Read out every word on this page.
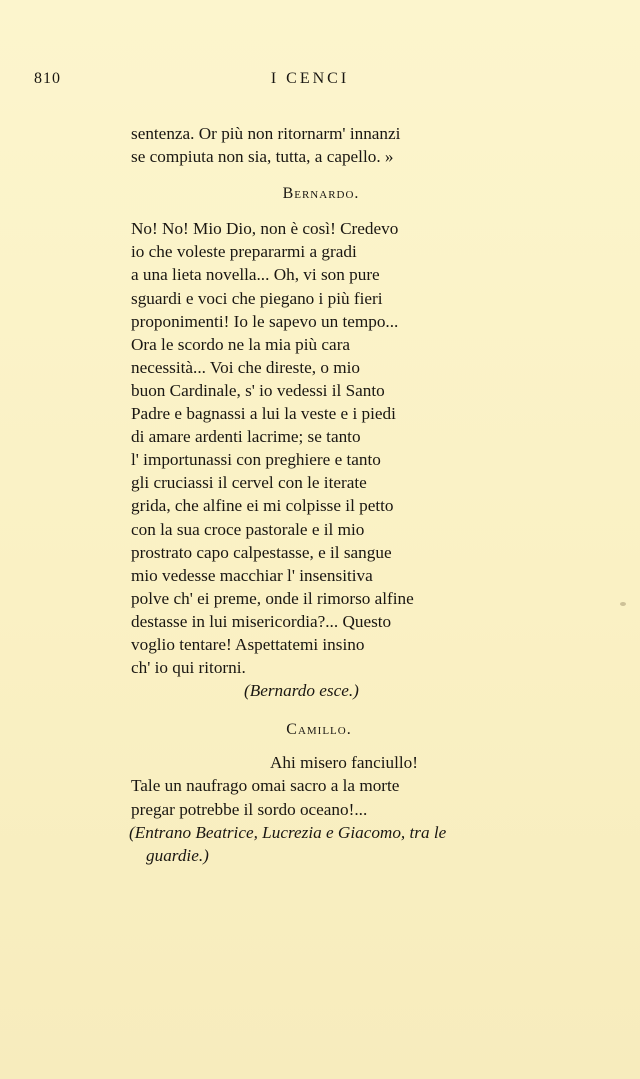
810	I CENCI
sentenza. Or più non ritornarm' innanzi
se compiuta non sia, tutta, a capello. »
Bernardo.
No! No! Mio Dio, non è così! Credevo
io che voleste prepararmi a gradi
a una lieta novella... Oh, vi son pure
sguardi e voci che piegano i più fieri
proponimenti! Io le sapevo un tempo...
Ora le scordo ne la mia più cara
necessità... Voi che direste, o mio
buon Cardinale, s' io vedessi il Santo
Padre e bagnassi a lui la veste e i piedi
di amare ardenti lacrime; se tanto
l' importunassi con preghiere e tanto
gli cruciassi il cervel con le iterate
grida, che alfine ei mi colpisse il petto
con la sua croce pastorale e il mio
prostrato capo calpestasse, e il sangue
mio vedesse macchiar l' insensitiva
polve ch' ei preme, onde il rimorso alfine
destasse in lui misericordia?... Questo
voglio tentare! Aspettatemi insino
ch' io qui ritorni.
(Bernardo esce.)
Camillo.
Ahi misero fanciullo!
Tale un naufrago omai sacro a la morte
pregar potrebbe il sordo oceano!...
(Entrano Beatrice, Lucrezia e Giacomo, tra le
guardie.)
